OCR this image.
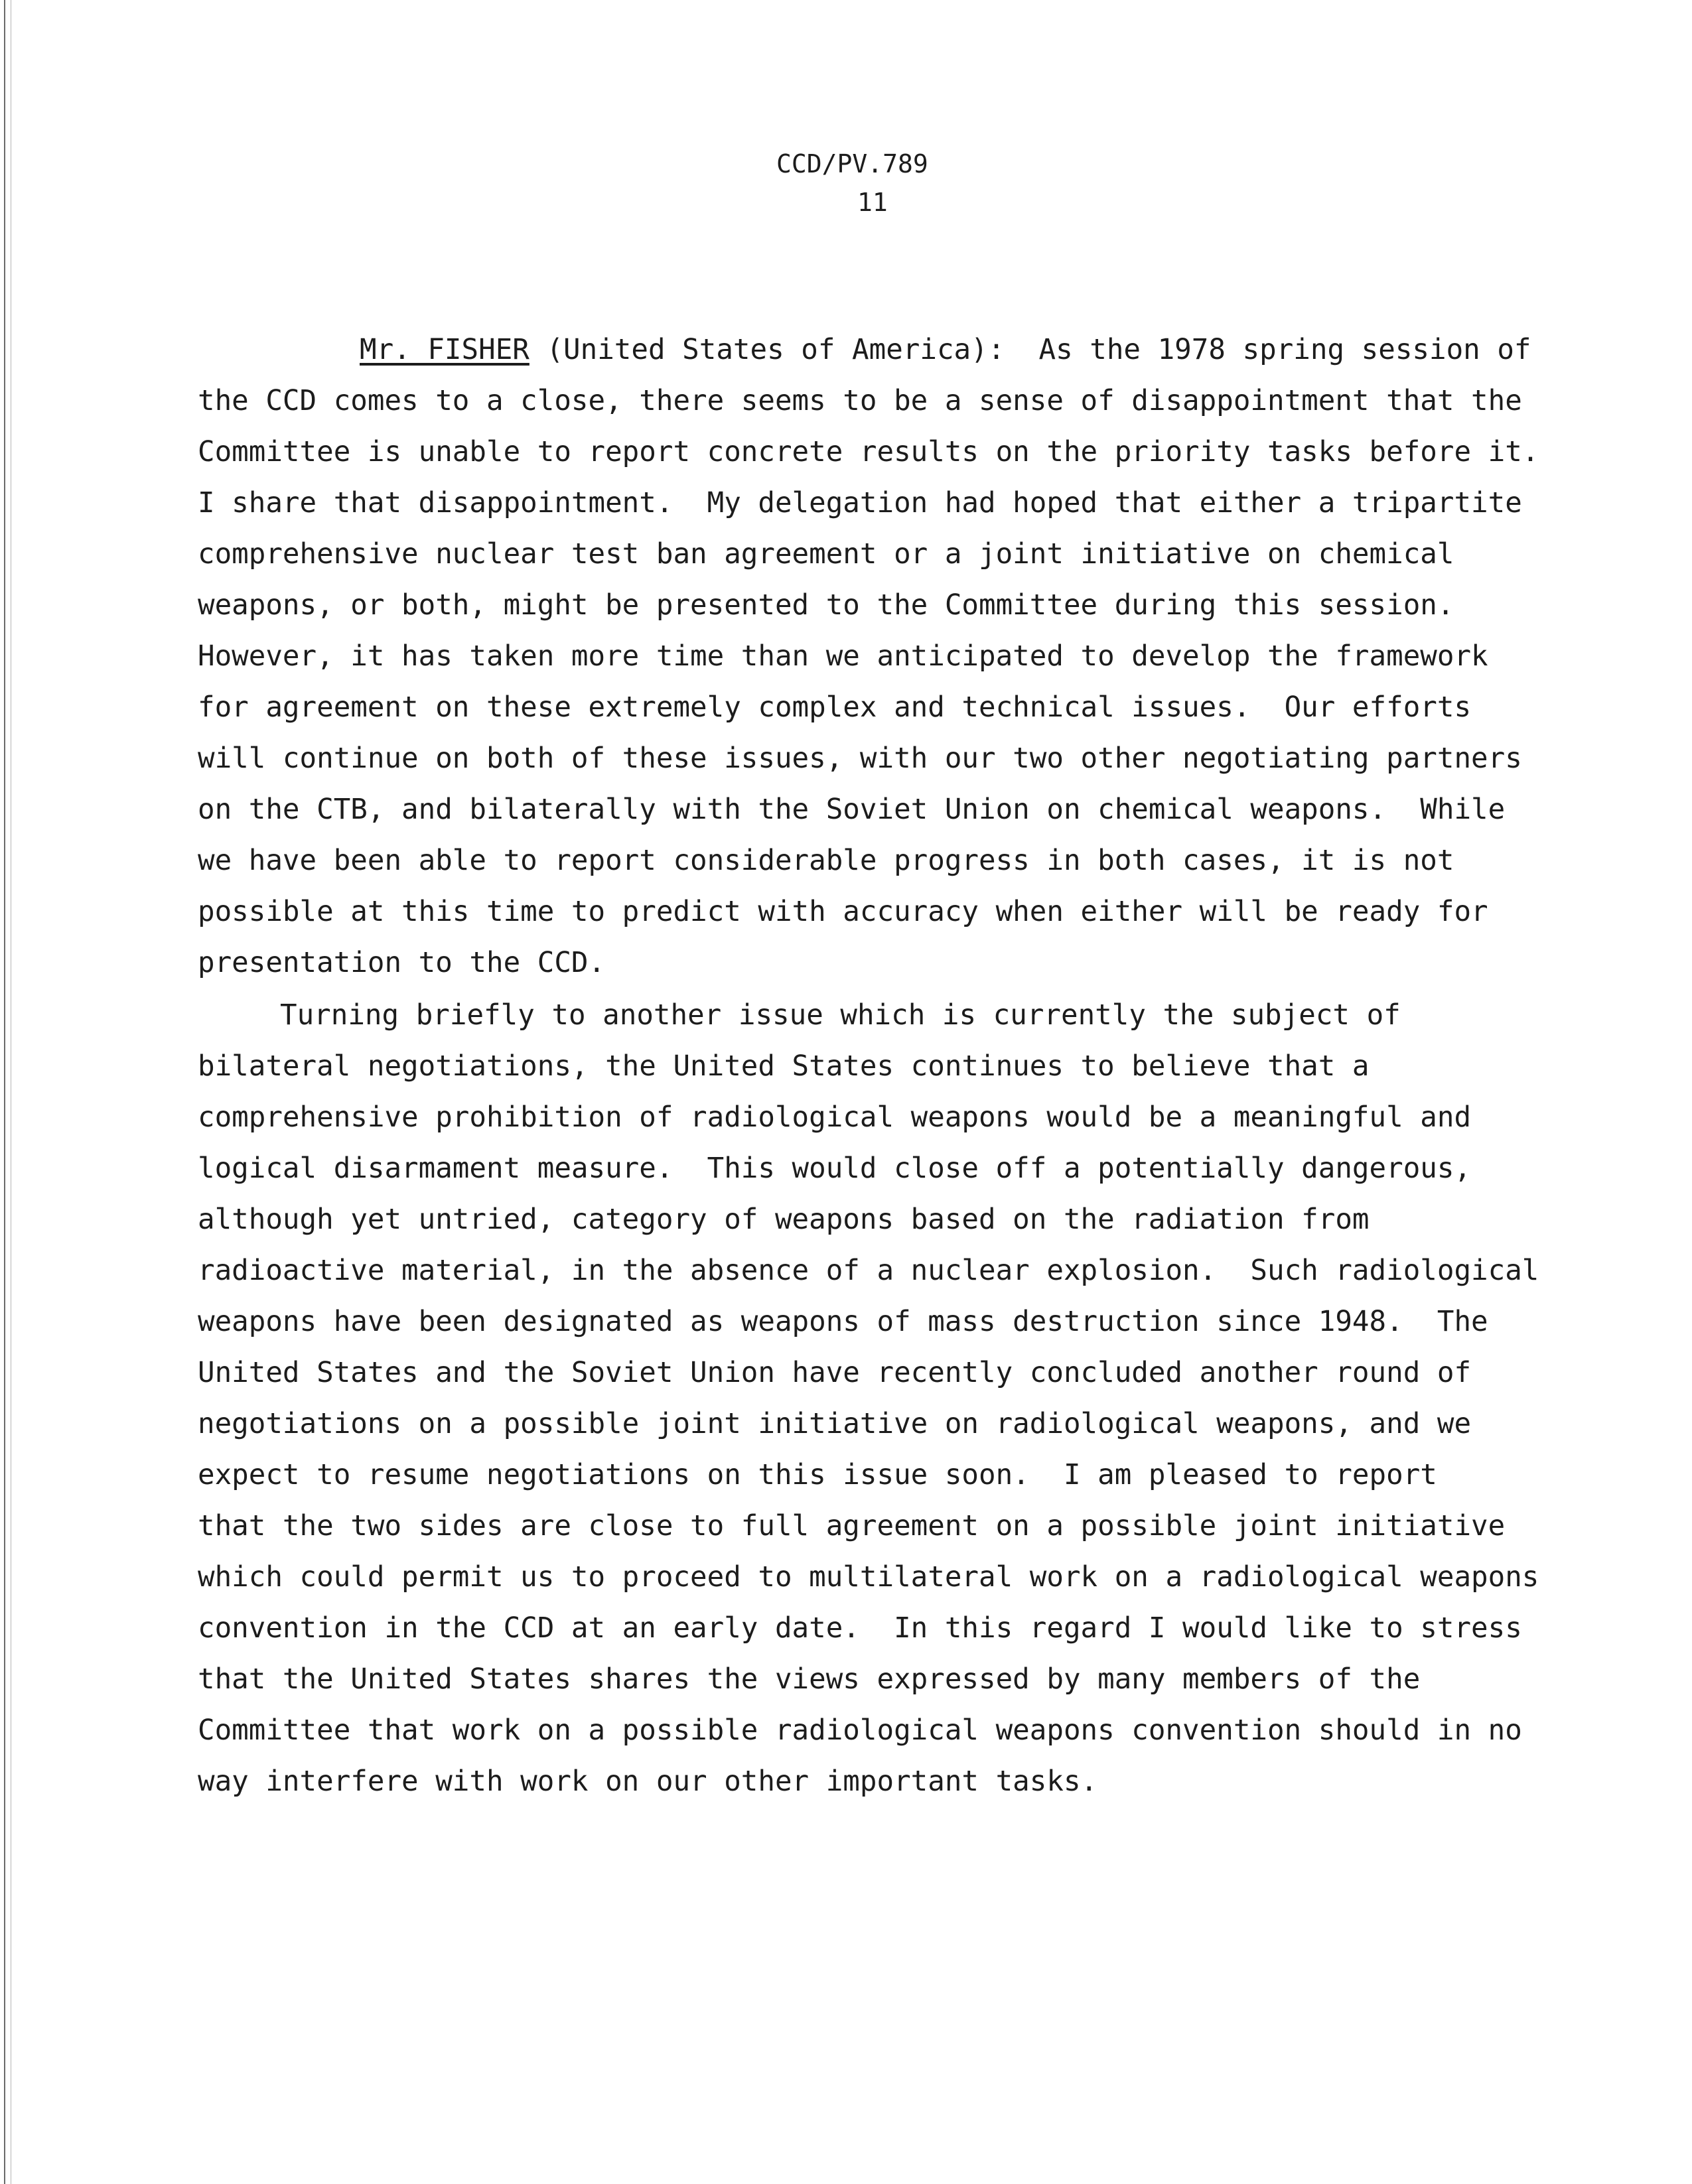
CCD/PV.789
11
Mr. FISHER (United States of America):  As the 1978 spring session of
the CCD comes to a close, there seems to be a sense of disappointment that the
Committee is unable to report concrete results on the priority tasks before it.
I share that disappointment.  My delegation had hoped that either a tripartite
comprehensive nuclear test ban agreement or a joint initiative on chemical
weapons, or both, might be presented to the Committee during this session.
However, it has taken more time than we anticipated to develop the framework
for agreement on these extremely complex and technical issues.  Our efforts
will continue on both of these issues, with our two other negotiating partners
on the CTB, and bilaterally with the Soviet Union on chemical weapons.  While
we have been able to report considerable progress in both cases, it is not
possible at this time to predict with accuracy when either will be ready for
presentation to the CCD.
Turning briefly to another issue which is currently the subject of
bilateral negotiations, the United States continues to believe that a
comprehensive prohibition of radiological weapons would be a meaningful and
logical disarmament measure.  This would close off a potentially dangerous,
although yet untried, category of weapons based on the radiation from
radioactive material, in the absence of a nuclear explosion.  Such radiological
weapons have been designated as weapons of mass destruction since 1948.  The
United States and the Soviet Union have recently concluded another round of
negotiations on a possible joint initiative on radiological weapons, and we
expect to resume negotiations on this issue soon.  I am pleased to report
that the two sides are close to full agreement on a possible joint initiative
which could permit us to proceed to multilateral work on a radiological weapons
convention in the CCD at an early date.  In this regard I would like to stress
that the United States shares the views expressed by many members of the
Committee that work on a possible radiological weapons convention should in no
way interfere with work on our other important tasks.
